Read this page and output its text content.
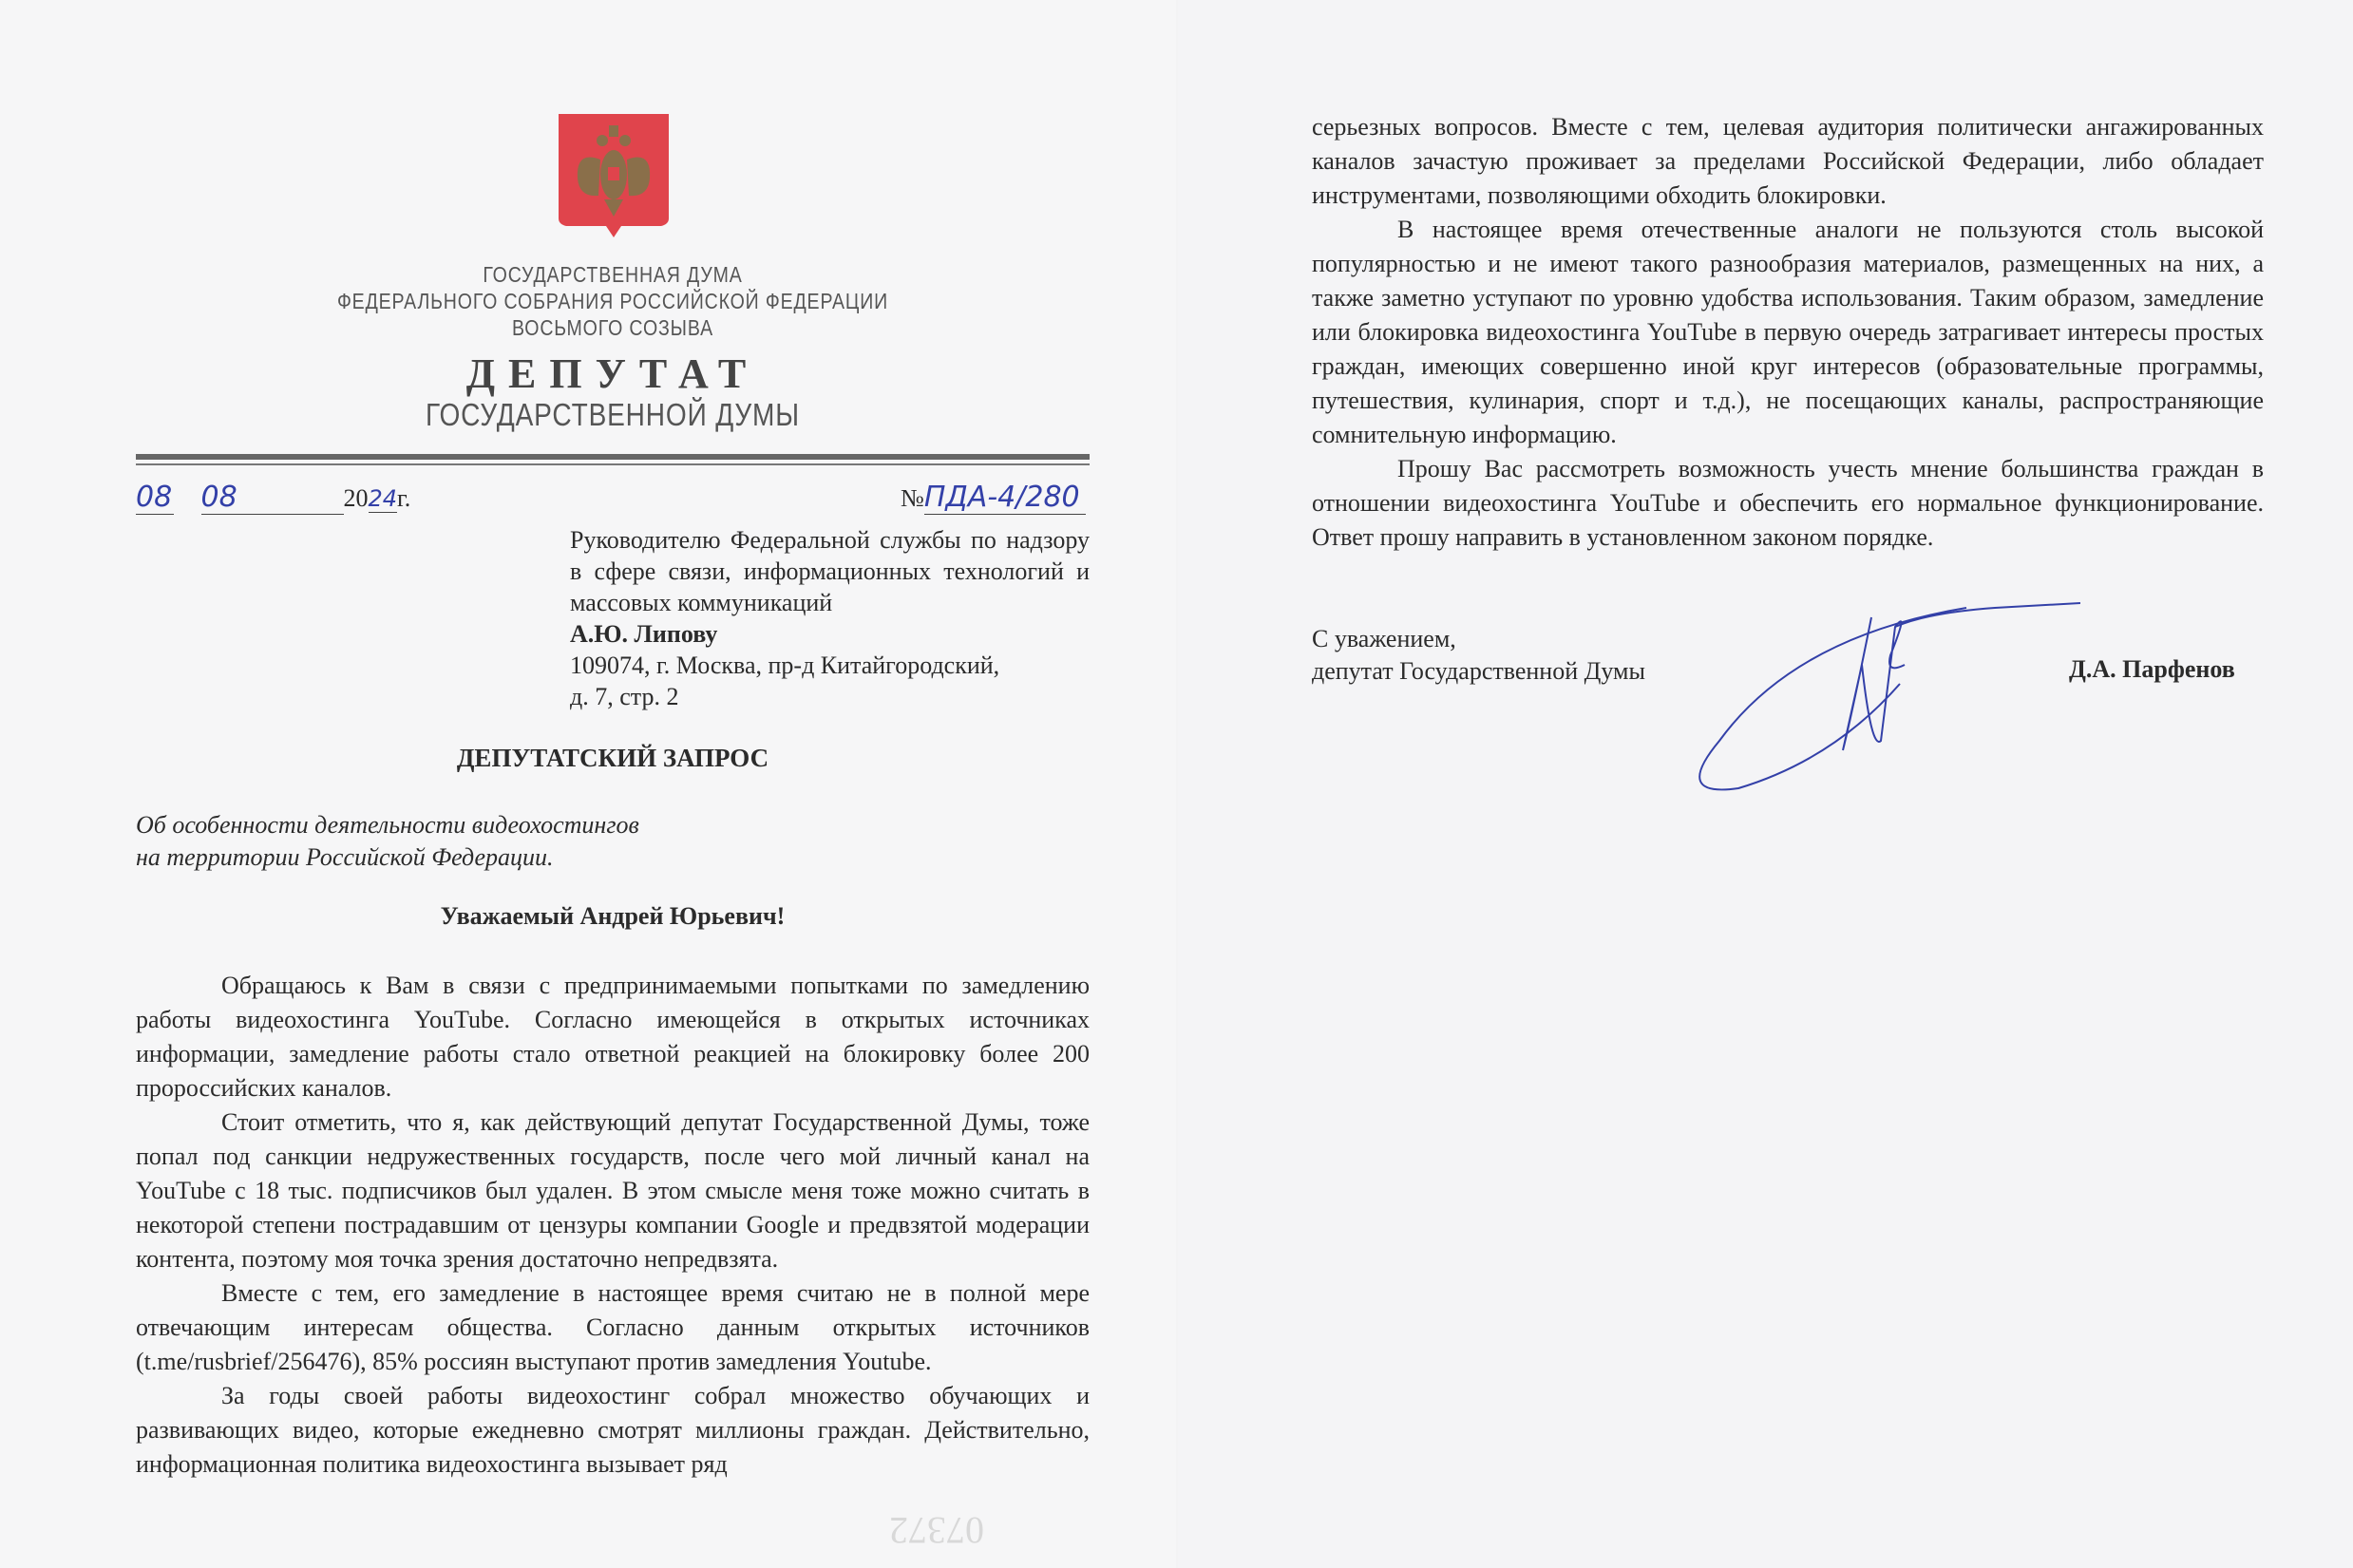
ГОСУДАРСТВЕННАЯ ДУМА
ФЕДЕРАЛЬНОГО СОБРАНИЯ РОССИЙСКОЙ ФЕДЕРАЦИИ
ВОСЬМОГО СОЗЫВА
ДЕПУТАТ
ГОСУДАРСТВЕННОЙ ДУМЫ
08 08	2024г.	№ПДА-4/280
Руководителю Федеральной службы по надзору в сфере связи, информационных технологий и массовых коммуникаций
А.Ю. Липову
109074, г. Москва, пр-д Китайгородский,
д. 7, стр. 2
ДЕПУТАТСКИЙ ЗАПРОС
Об особенности деятельности видеохостингов
на территории Российской Федерации.
Уважаемый Андрей Юрьевич!

Обращаюсь к Вам в связи с предпринимаемыми попытками по замедлению работы видеохостинга YouTube. Согласно имеющейся в открытых источниках информации, замедление работы стало ответной реакцией на блокировку более 200 пророссийских каналов.

Стоит отметить, что я, как действующий депутат Государственной Думы, тоже попал под санкции недружественных государств, после чего мой личный канал на YouTube с 18 тыс. подписчиков был удален. В этом смысле меня тоже можно считать в некоторой степени пострадавшим от цензуры компании Google и предвзятой модерации контента, поэтому моя точка зрения достаточно непредвзята.

Вместе с тем, его замедление в настоящее время считаю не в полной мере отвечающим интересам общества. Согласно данным открытых источников (t.me/rusbrief/256476), 85% россиян выступают против замедления Youtube.

За годы своей работы видеохостинг собрал множество обучающих и развивающих видео, которые ежедневно смотрят миллионы граждан. Действительно, информационная политика видеохостинга вызывает ряд

07372

серьезных вопросов. Вместе с тем, целевая аудитория политически ангажированных каналов зачастую проживает за пределами Российской Федерации, либо обладает инструментами, позволяющими обходить блокировки.

В настоящее время отечественные аналоги не пользуются столь высокой популярностью и не имеют такого разнообразия материалов, размещенных на них, а также заметно уступают по уровню удобства использования. Таким образом, замедление или блокировка видеохостинга YouTube в первую очередь затрагивает интересы простых граждан, имеющих совершенно иной круг интересов (образовательные программы, путешествия, кулинария, спорт и т.д.), не посещающих каналы, распространяющие сомнительную информацию.

Прошу Вас рассмотреть возможность учесть мнение большинства граждан в отношении видеохостинга YouTube и обеспечить его нормальное функционирование. Ответ прошу направить в установленном законом порядке.

С уважением,
депутат Государственной Думы	Д.А. Парфенов
